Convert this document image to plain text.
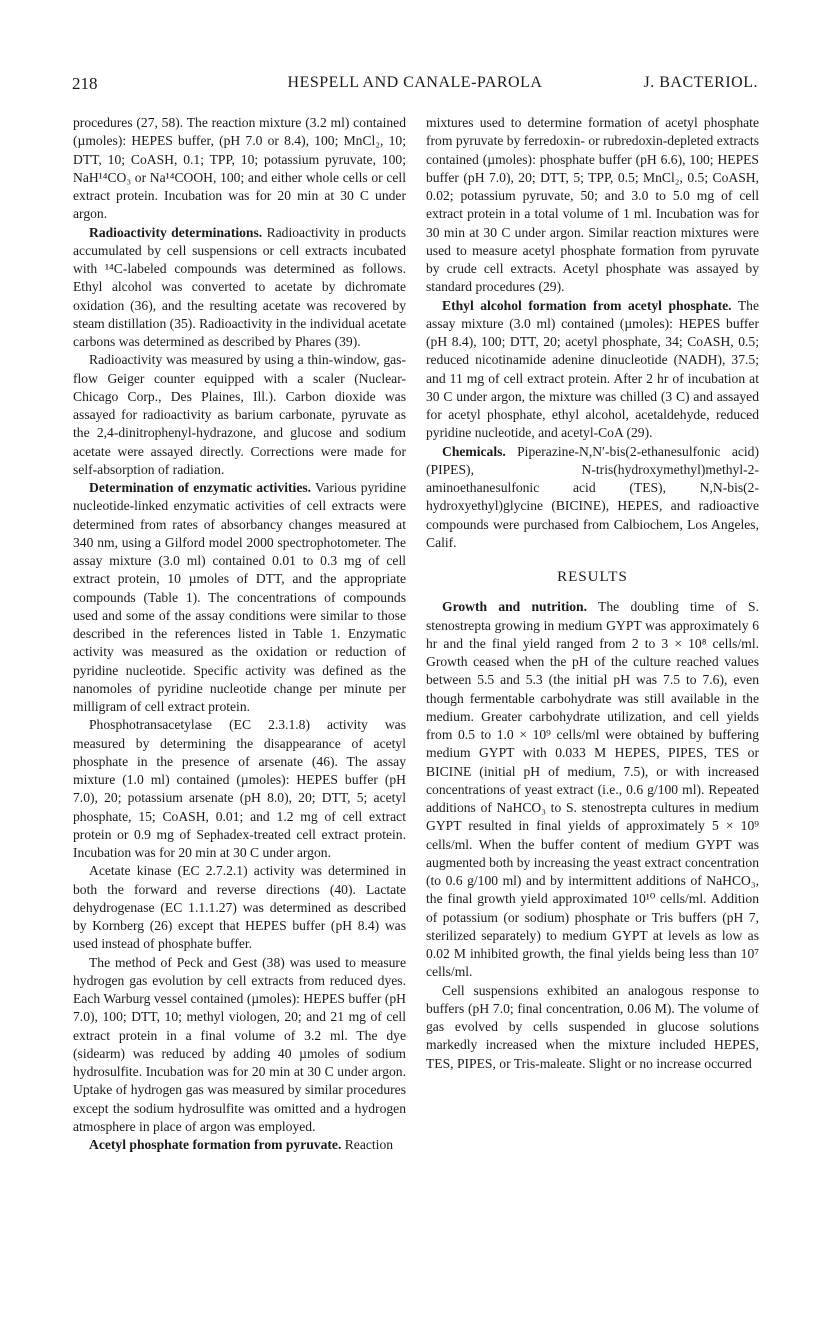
218	HESPELL AND CANALE-PAROLA	J. BACTERIOL.

procedures (27, 58). The reaction mixture (3.2 ml) contained (µmoles): HEPES buffer, (pH 7.0 or 8.4), 100; MnCl₂, 10; DTT, 10; CoASH, 0.1; TPP, 10; potassium pyruvate, 100; NaH¹⁴CO₃ or Na¹⁴COOH, 100; and either whole cells or cell extract protein. Incubation was for 20 min at 30 C under argon.

Radioactivity determinations. Radioactivity in products accumulated by cell suspensions or cell extracts incubated with ¹⁴C-labeled compounds was determined as follows. Ethyl alcohol was converted to acetate by dichromate oxidation (36), and the resulting acetate was recovered by steam distillation (35). Radioactivity in the individual acetate carbons was determined as described by Phares (39).

Radioactivity was measured by using a thin-window, gas-flow Geiger counter equipped with a scaler (Nuclear-Chicago Corp., Des Plaines, Ill.). Carbon dioxide was assayed for radioactivity as barium carbonate, pyruvate as the 2,4-dinitrophenyl-hydrazone, and glucose and sodium acetate were assayed directly. Corrections were made for self-absorption of radiation.

Determination of enzymatic activities. Various pyridine nucleotide-linked enzymatic activities of cell extracts were determined from rates of absorbancy changes measured at 340 nm, using a Gilford model 2000 spectrophotometer. The assay mixture (3.0 ml) contained 0.01 to 0.3 mg of cell extract protein, 10 µmoles of DTT, and the appropriate compounds (Table 1). The concentrations of compounds used and some of the assay conditions were similar to those described in the references listed in Table 1. Enzymatic activity was measured as the oxidation or reduction of pyridine nucleotide. Specific activity was defined as the nanomoles of pyridine nucleotide change per minute per milligram of cell extract protein.

Phosphotransacetylase (EC 2.3.1.8) activity was measured by determining the disappearance of acetyl phosphate in the presence of arsenate (46). The assay mixture (1.0 ml) contained (µmoles): HEPES buffer (pH 7.0), 20; potassium arsenate (pH 8.0), 20; DTT, 5; acetyl phosphate, 15; CoASH, 0.01; and 1.2 mg of cell extract protein or 0.9 mg of Sephadex-treated cell extract protein. Incubation was for 20 min at 30 C under argon.

Acetate kinase (EC 2.7.2.1) activity was determined in both the forward and reverse directions (40). Lactate dehydrogenase (EC 1.1.1.27) was determined as described by Kornberg (26) except that HEPES buffer (pH 8.4) was used instead of phosphate buffer.

The method of Peck and Gest (38) was used to measure hydrogen gas evolution by cell extracts from reduced dyes. Each Warburg vessel contained (µmoles): HEPES buffer (pH 7.0), 100; DTT, 10; methyl viologen, 20; and 21 mg of cell extract protein in a final volume of 3.2 ml. The dye (sidearm) was reduced by adding 40 µmoles of sodium hydrosulfite. Incubation was for 20 min at 30 C under argon. Uptake of hydrogen gas was measured by similar procedures except the sodium hydrosulfite was omitted and a hydrogen atmosphere in place of argon was employed.

Acetyl phosphate formation from pyruvate. Reaction

mixtures used to determine formation of acetyl phosphate from pyruvate by ferredoxin- or rubredoxin-depleted extracts contained (µmoles): phosphate buffer (pH 6.6), 100; HEPES buffer (pH 7.0), 20; DTT, 5; TPP, 0.5; MnCl₂, 0.5; CoASH, 0.02; potassium pyruvate, 50; and 3.0 to 5.0 mg of cell extract protein in a total volume of 1 ml. Incubation was for 30 min at 30 C under argon. Similar reaction mixtures were used to measure acetyl phosphate formation from pyruvate by crude cell extracts. Acetyl phosphate was assayed by standard procedures (29).

Ethyl alcohol formation from acetyl phosphate. The assay mixture (3.0 ml) contained (µmoles): HEPES buffer (pH 8.4), 100; DTT, 20; acetyl phosphate, 34; CoASH, 0.5; reduced nicotinamide adenine dinucleotide (NADH), 37.5; and 11 mg of cell extract protein. After 2 hr of incubation at 30 C under argon, the mixture was chilled (3 C) and assayed for acetyl phosphate, ethyl alcohol, acetaldehyde, reduced pyridine nucleotide, and acetyl-CoA (29).

Chemicals. Piperazine-N,N′-bis(2-ethanesulfonic acid) (PIPES), N-tris(hydroxymethyl)methyl-2-aminoethanesulfonic acid (TES), N,N-bis(2-hydroxyethyl)glycine (BICINE), HEPES, and radioactive compounds were purchased from Calbiochem, Los Angeles, Calif.

RESULTS

Growth and nutrition. The doubling time of S. stenostrepta growing in medium GYPT was approximately 6 hr and the final yield ranged from 2 to 3 × 10⁸ cells/ml. Growth ceased when the pH of the culture reached values between 5.5 and 5.3 (the initial pH was 7.5 to 7.6), even though fermentable carbohydrate was still available in the medium. Greater carbohydrate utilization, and cell yields from 0.5 to 1.0 × 10⁹ cells/ml were obtained by buffering medium GYPT with 0.033 M HEPES, PIPES, TES or BICINE (initial pH of medium, 7.5), or with increased concentrations of yeast extract (i.e., 0.6 g/100 ml). Repeated additions of NaHCO₃ to S. stenostrepta cultures in medium GYPT resulted in final yields of approximately 5 × 10⁹ cells/ml. When the buffer content of medium GYPT was augmented both by increasing the yeast extract concentration (to 0.6 g/100 ml) and by intermittent additions of NaHCO₃, the final growth yield approximated 10¹⁰ cells/ml. Addition of potassium (or sodium) phosphate or Tris buffers (pH 7, sterilized separately) to medium GYPT at levels as low as 0.02 M inhibited growth, the final yields being less than 10⁷ cells/ml.

Cell suspensions exhibited an analogous response to buffers (pH 7.0; final concentration, 0.06 M). The volume of gas evolved by cells suspended in glucose solutions markedly increased when the mixture included HEPES, TES, PIPES, or Tris-maleate. Slight or no increase occurred
